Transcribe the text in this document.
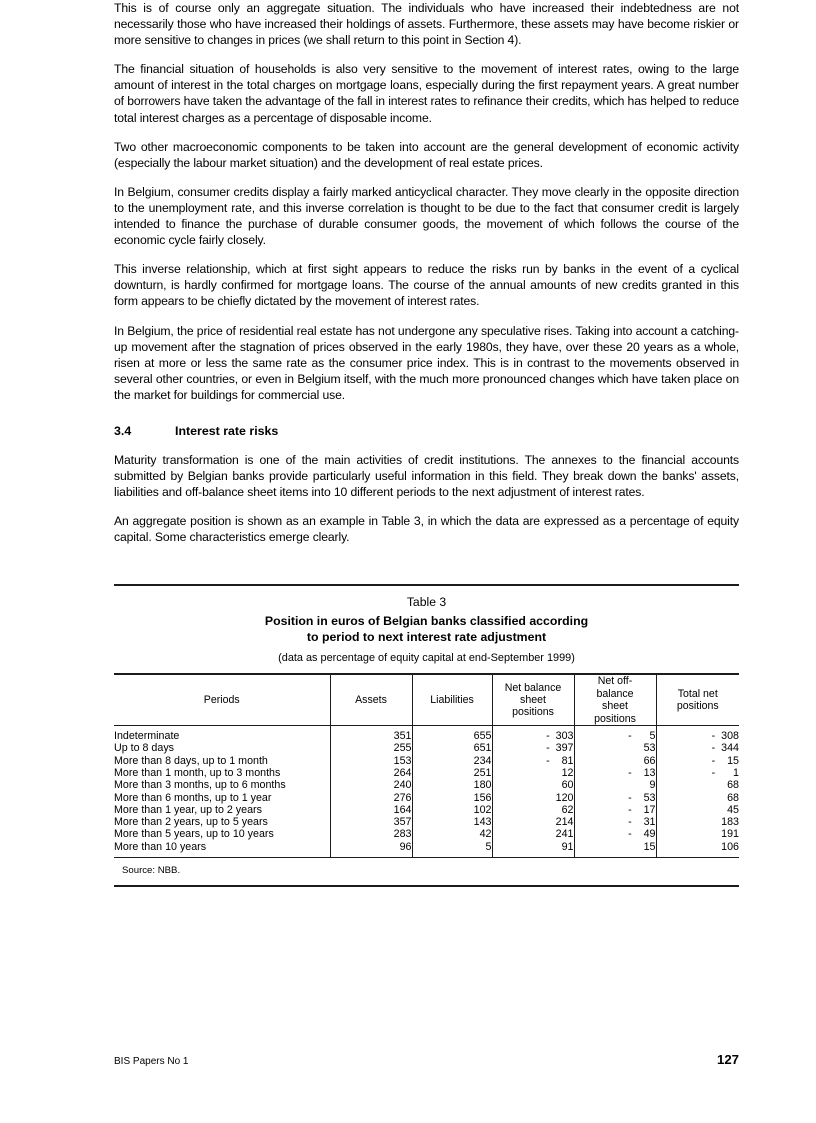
This is of course only an aggregate situation. The individuals who have increased their indebtedness are not necessarily those who have increased their holdings of assets. Furthermore, these assets may have become riskier or more sensitive to changes in prices (we shall return to this point in Section 4).

The financial situation of households is also very sensitive to the movement of interest rates, owing to the large amount of interest in the total charges on mortgage loans, especially during the first repayment years. A great number of borrowers have taken the advantage of the fall in interest rates to refinance their credits, which has helped to reduce total interest charges as a percentage of disposable income.

Two other macroeconomic components to be taken into account are the general development of economic activity (especially the labour market situation) and the development of real estate prices.

In Belgium, consumer credits display a fairly marked anticyclical character. They move clearly in the opposite direction to the unemployment rate, and this inverse correlation is thought to be due to the fact that consumer credit is largely intended to finance the purchase of durable consumer goods, the movement of which follows the course of the economic cycle fairly closely.

This inverse relationship, which at first sight appears to reduce the risks run by banks in the event of a cyclical downturn, is hardly confirmed for mortgage loans. The course of the annual amounts of new credits granted in this form appears to be chiefly dictated by the movement of interest rates.

In Belgium, the price of residential real estate has not undergone any speculative rises. Taking into account a catching-up movement after the stagnation of prices observed in the early 1980s, they have, over these 20 years as a whole, risen at more or less the same rate as the consumer price index. This is in contrast to the movements observed in several other countries, or even in Belgium itself, with the much more pronounced changes which have taken place on the market for buildings for commercial use.

3.4	Interest rate risks

Maturity transformation is one of the main activities of credit institutions. The annexes to the financial accounts submitted by Belgian banks provide particularly useful information in this field. They break down the banks' assets, liabilities and off-balance sheet items into 10 different periods to the next adjustment of interest rates.

An aggregate position is shown as an example in Table 3, in which the data are expressed as a percentage of equity capital. Some characteristics emerge clearly.

Table 3
Position in euros of Belgian banks classified according
to period to next interest rate adjustment
(data as percentage of equity capital at end-September 1999)
Periods	Assets	Liabilities	
Net balance
sheet
positions

Net off-
balance
sheet
positions

Total net
positions
Indeterminate	351	655	-  303	-      5	-  308
Up to 8 days	255	651	-  397	53	-  344
More than 8 days, up to 1 month	153	234	-    81	66	-    15
More than 1 month, up to 3 months	264	251	12	-    13	-      1
More than 3 months, up to 6 months	240	180	60	9	68
More than 6 months, up to 1 year	276	156	120	-    53	68
More than 1 year, up to 2 years	164	102	62	-    17	45
More than 2 years, up to 5 years	357	143	214	-    31	183
More than 5 years, up to 10 years	283	42	241	-    49	191
More than 10 years	96	5	91	15	106
Source: NBB.
BIS Papers No 1	127
